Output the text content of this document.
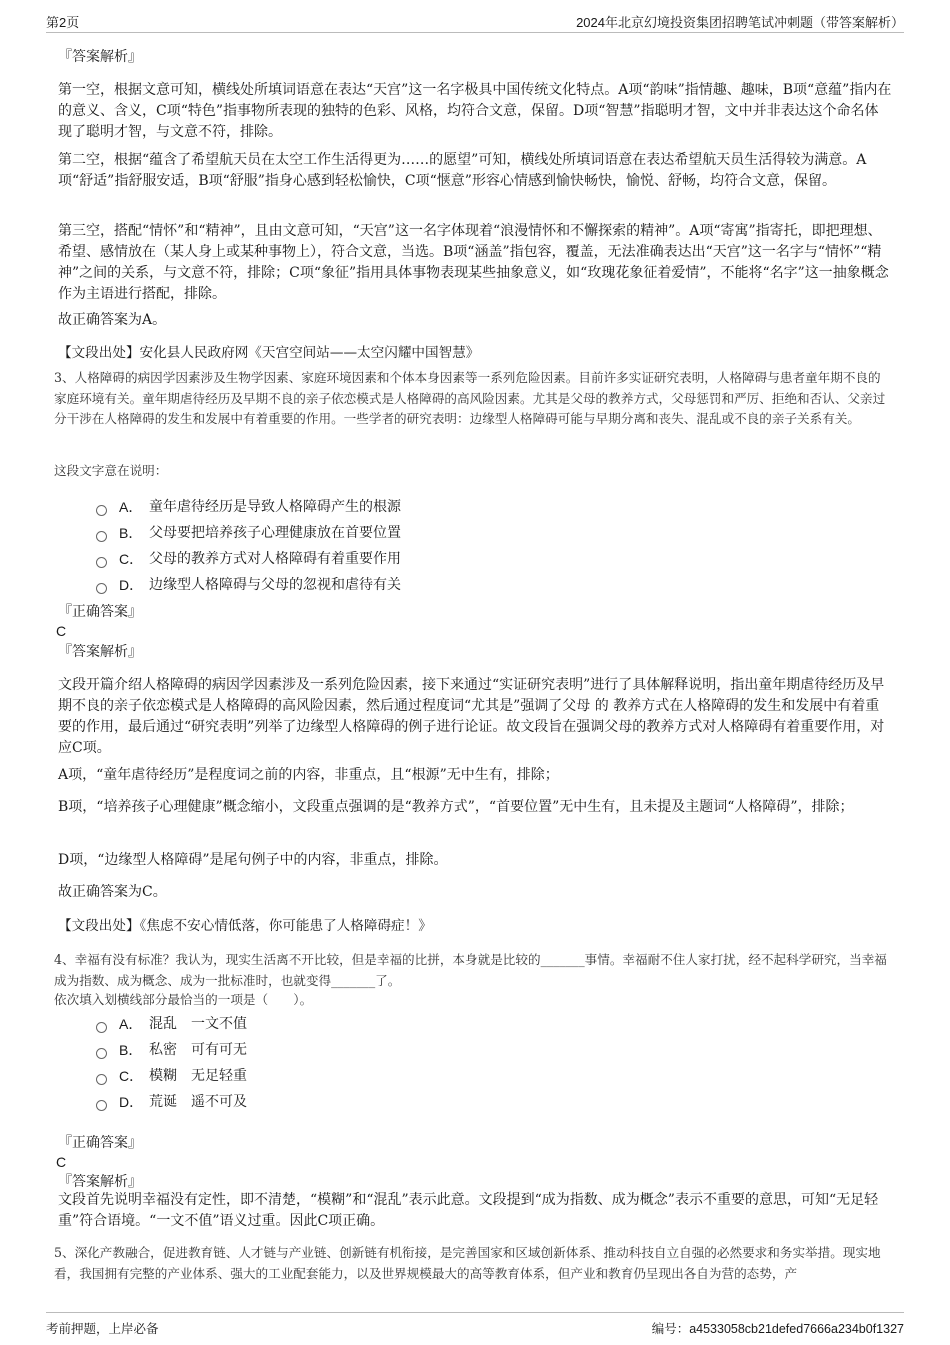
第2页	2024年北京幻境投资集团招聘笔试冲刺题（带答案解析）
『答案解析』

第一空，根据文意可知，横线处所填词语意在表达“天宫”这一名字极具中国传统文化特点。A项“韵味”指情趣、趣味，B项“意蕴”指内在的意义、含义，C项“特色”指事物所表现的独特的色彩、风格，均符合文意，保留。D项“智慧”指聪明才智，文中并非表达这个命名体现了聪明才智，与文意不符，排除。

第二空，根据“蕴含了希望航天员在太空工作生活得更为……的愿望”可知，横线处所填词语意在表达希望航天员生活得较为满意。A项“舒适”指舒服安适，B项“舒服”指身心感到轻松愉快，C项“惬意”形容心情感到愉快畅快，愉悦、舒畅，均符合文意，保留。

第三空，搭配“情怀”和“精神”，且由文意可知，“天宫”这一名字体现着“浪漫情怀和不懈探索的精神”。A项“寄寓”指寄托，即把理想、希望、感情放在（某人身上或某种事物上），符合文意，当选。B项“涵盖”指包容，覆盖，无法准确表达出“天宫”这一名字与“情怀”“精神”之间的关系，与文意不符，排除；C项“象征”指用具体事物表现某些抽象意义，如“玫瑰花象征着爱情”，不能将“名字”这一抽象概念作为主语进行搭配，排除。

故正确答案为A。

【文段出处】安化县人民政府网《天宫空间站——太空闪耀中国智慧》

3、人格障碍的病因学因素涉及生物学因素、家庭环境因素和个体本身因素等一系列危险因素。目前许多实证研究表明，人格障碍与患者童年期不良的家庭环境有关。童年期虐待经历及早期不良的亲子依恋模式是人格障碍的高风险因素。尤其是父母的教养方式，父母惩罚和严厉、拒绝和否认、父亲过分干涉在人格障碍的发生和发展中有着重要的作用。一些学者的研究表明：边缘型人格障碍可能与早期分离和丧失、混乱或不良的亲子关系有关。

这段文字意在说明：
A． 童年虐待经历是导致人格障碍产生的根源
B． 父母要把培养孩子心理健康放在首要位置
C． 父母的教养方式对人格障碍有着重要作用
D． 边缘型人格障碍与父母的忽视和虐待有关
『正确答案』
C
『答案解析』

文段开篇介绍人格障碍的病因学因素涉及一系列危险因素，接下来通过“实证研究表明”进行了具体解释说明，指出童年期虐待经历及早期不良的亲子依恋模式是人格障碍的高风险因素，然后通过程度词“尤其是”强调了父母 的 教养方式在人格障碍的发生和发展中有着重要的作用，最后通过“研究表明”列举了边缘型人格障碍的例子进行论证。故文段旨在强调父母的教养方式对人格障碍有着重要作用，对应C项。

A项，“童年虐待经历”是程度词之前的内容，非重点，且“根源”无中生有，排除；

B项，“培养孩子心理健康”概念缩小，文段重点强调的是“教养方式”，“首要位置”无中生有，且未提及主题词“人格障碍”，排除；

D项，“边缘型人格障碍”是尾句例子中的内容，非重点，排除。

故正确答案为C。

【文段出处】《焦虑不安心情低落，你可能患了人格障碍症！》

4、幸福有没有标准？我认为，现实生活离不开比较，但是幸福的比拼，本身就是比较的_______事情。幸福耐不住人家打扰，经不起科学研究，当幸福成为指数、成为概念、成为一批标准时，也就变得_______了。

依次填入划横线部分最恰当的一项是（　　）。
A． 混乱　一文不值
B． 私密　可有可无
C． 模糊　无足轻重
D． 荒诞　遥不可及
『正确答案』
C
『答案解析』

文段首先说明幸福没有定性，即不清楚，“模糊”和“混乱”表示此意。文段提到“成为指数、成为概念”表示不重要的意思，可知“无足轻重”符合语境。“一文不值”语义过重。因此C项正确。

5、深化产教融合，促进教育链、人才链与产业链、创新链有机衔接，是完善国家和区域创新体系、推动科技自立自强的必然要求和务实举措。现实地看，我国拥有完整的产业体系、强大的工业配套能力，以及世界规模最大的高等教育体系，但产业和教育仍呈现出各自为营的态势，产

考前押题，上岸必备	编号：a4533058cb21defed7666a234b0f1327
